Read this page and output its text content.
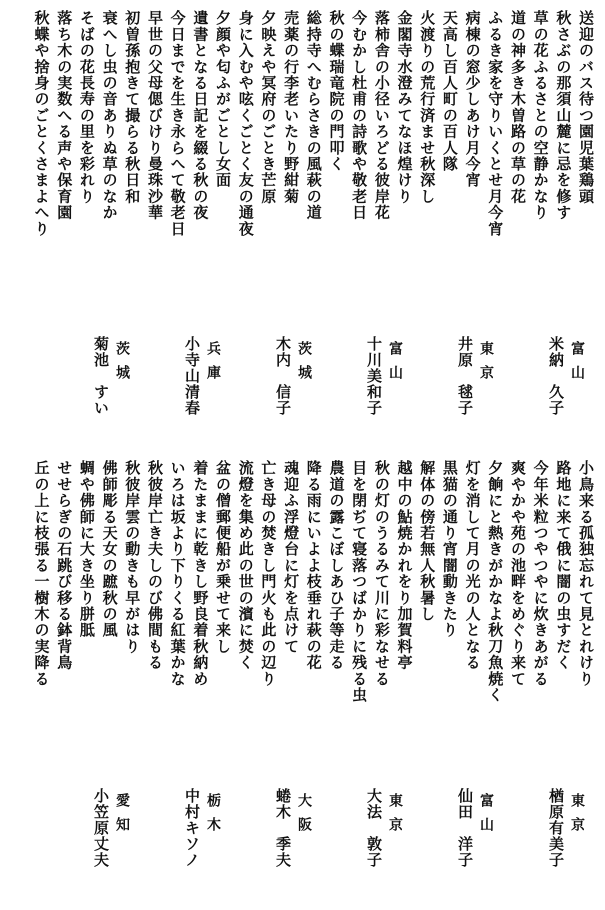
送迎のバス待つ園児葉鶏頭
秋さぶの那須山麓に忌を修す
草の花ふるさとの空静かなり
道の神多き木曽路の草の花
ふるき家を守りいくとせ月今宵
病棟の窓少しあけ月今宵
天高し百人町の百人隊
火渡りの荒行済ませ秋深し
金閣寺水澄みてなほ煌けり
落柿舎の小径いろどる彼岸花
今むかし杜甫の詩歌や敬老日
秋の蝶瑞竜院の門叩く
総持寺へむらさきの風萩の道
売薬の行李老いたり野紺菊
夕映えや冥府のごとき芒原
身に入むや呟くごとく友の通夜
夕顔や匂ふがごとし女面
遺書となる日記を綴る秋の夜
今日までを生き永らへて敬老日
早世の父母偲びけり曼珠沙華
初曽孫抱きて撮らる秋日和
衰へし虫の音ありぬ草のなか
そばの花長寿の里を彩れり
落ち木の実数へる声や保育園
秋蝶や捨身のごとくさまよへり
富山
米納　久子
東京
井原　毬子
富山
十川美和子
茨城
木内　信子
兵庫
小寺山清春
茨城
菊池　すい
小鳥来る孤独忘れて見とれけり
路地に来て俄に闇の虫すだく
今年米粒つやつやに炊きあがる
爽やかや苑の池畔をめぐり来て
夕餉にと熱きがかなよ秋刀魚焼く
灯を消して月の光の人となる
黒猫の通り宵闇動きたり
解体の傍若無人秋暑し
越中の鮎焼かれをり加賀料亭
秋の灯のうるみて川に彩なせる
目を閉ぢて寝落つばかりに残る虫
農道の露こぼしあひ子等走る
降る雨にいよよ枝垂れ萩の花
魂迎ふ浮燈台に灯を点けて
亡き母の焚きし門火も此の辺り
流燈を集め此の世の濱に焚く
盆の僧郵便船が乗せて来し
着たままに乾きし野良着秋納め
いろは坂より下りくる紅葉かな
秋彼岸亡き夫しのび佛間もる
秋彼岸雲の動きも早がはり
佛師彫る天女の蹠秋の風
蜩や佛師に大き坐り胼胝
せせらぎの石跳び移る鉢背鳥
丘の上に枝張る一樹木の実降る
東京
楢原有美子
富山
仙田　洋子
東京
大法　敦子
大阪
蜷木　季夫
栃木
中村キソノ
愛知
小笠原丈夫
